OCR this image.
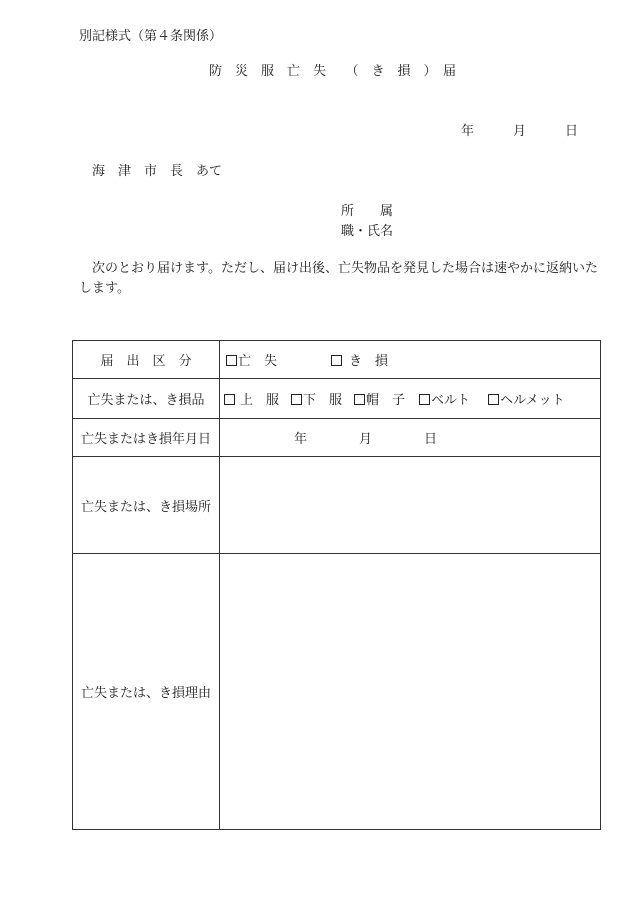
別記様式（第４条関係）
防　災　服　亡　失　　（　き　損　）　届
年　　　月　　　日
海　津　市　長　あて
所　　属
職・氏名
次のとおり届けます。ただし、届け出後、亡失物品を発見した場合は速やかに返納いたします。
届　出　区　分	亡　失 き　損

亡失または、き損品	上　服 下　服 帽　子 ベルト ヘルメット

亡失またはき損年月日	年　　　　月　　　　日

亡失または、き損場所	
亡失または、き損理由	
